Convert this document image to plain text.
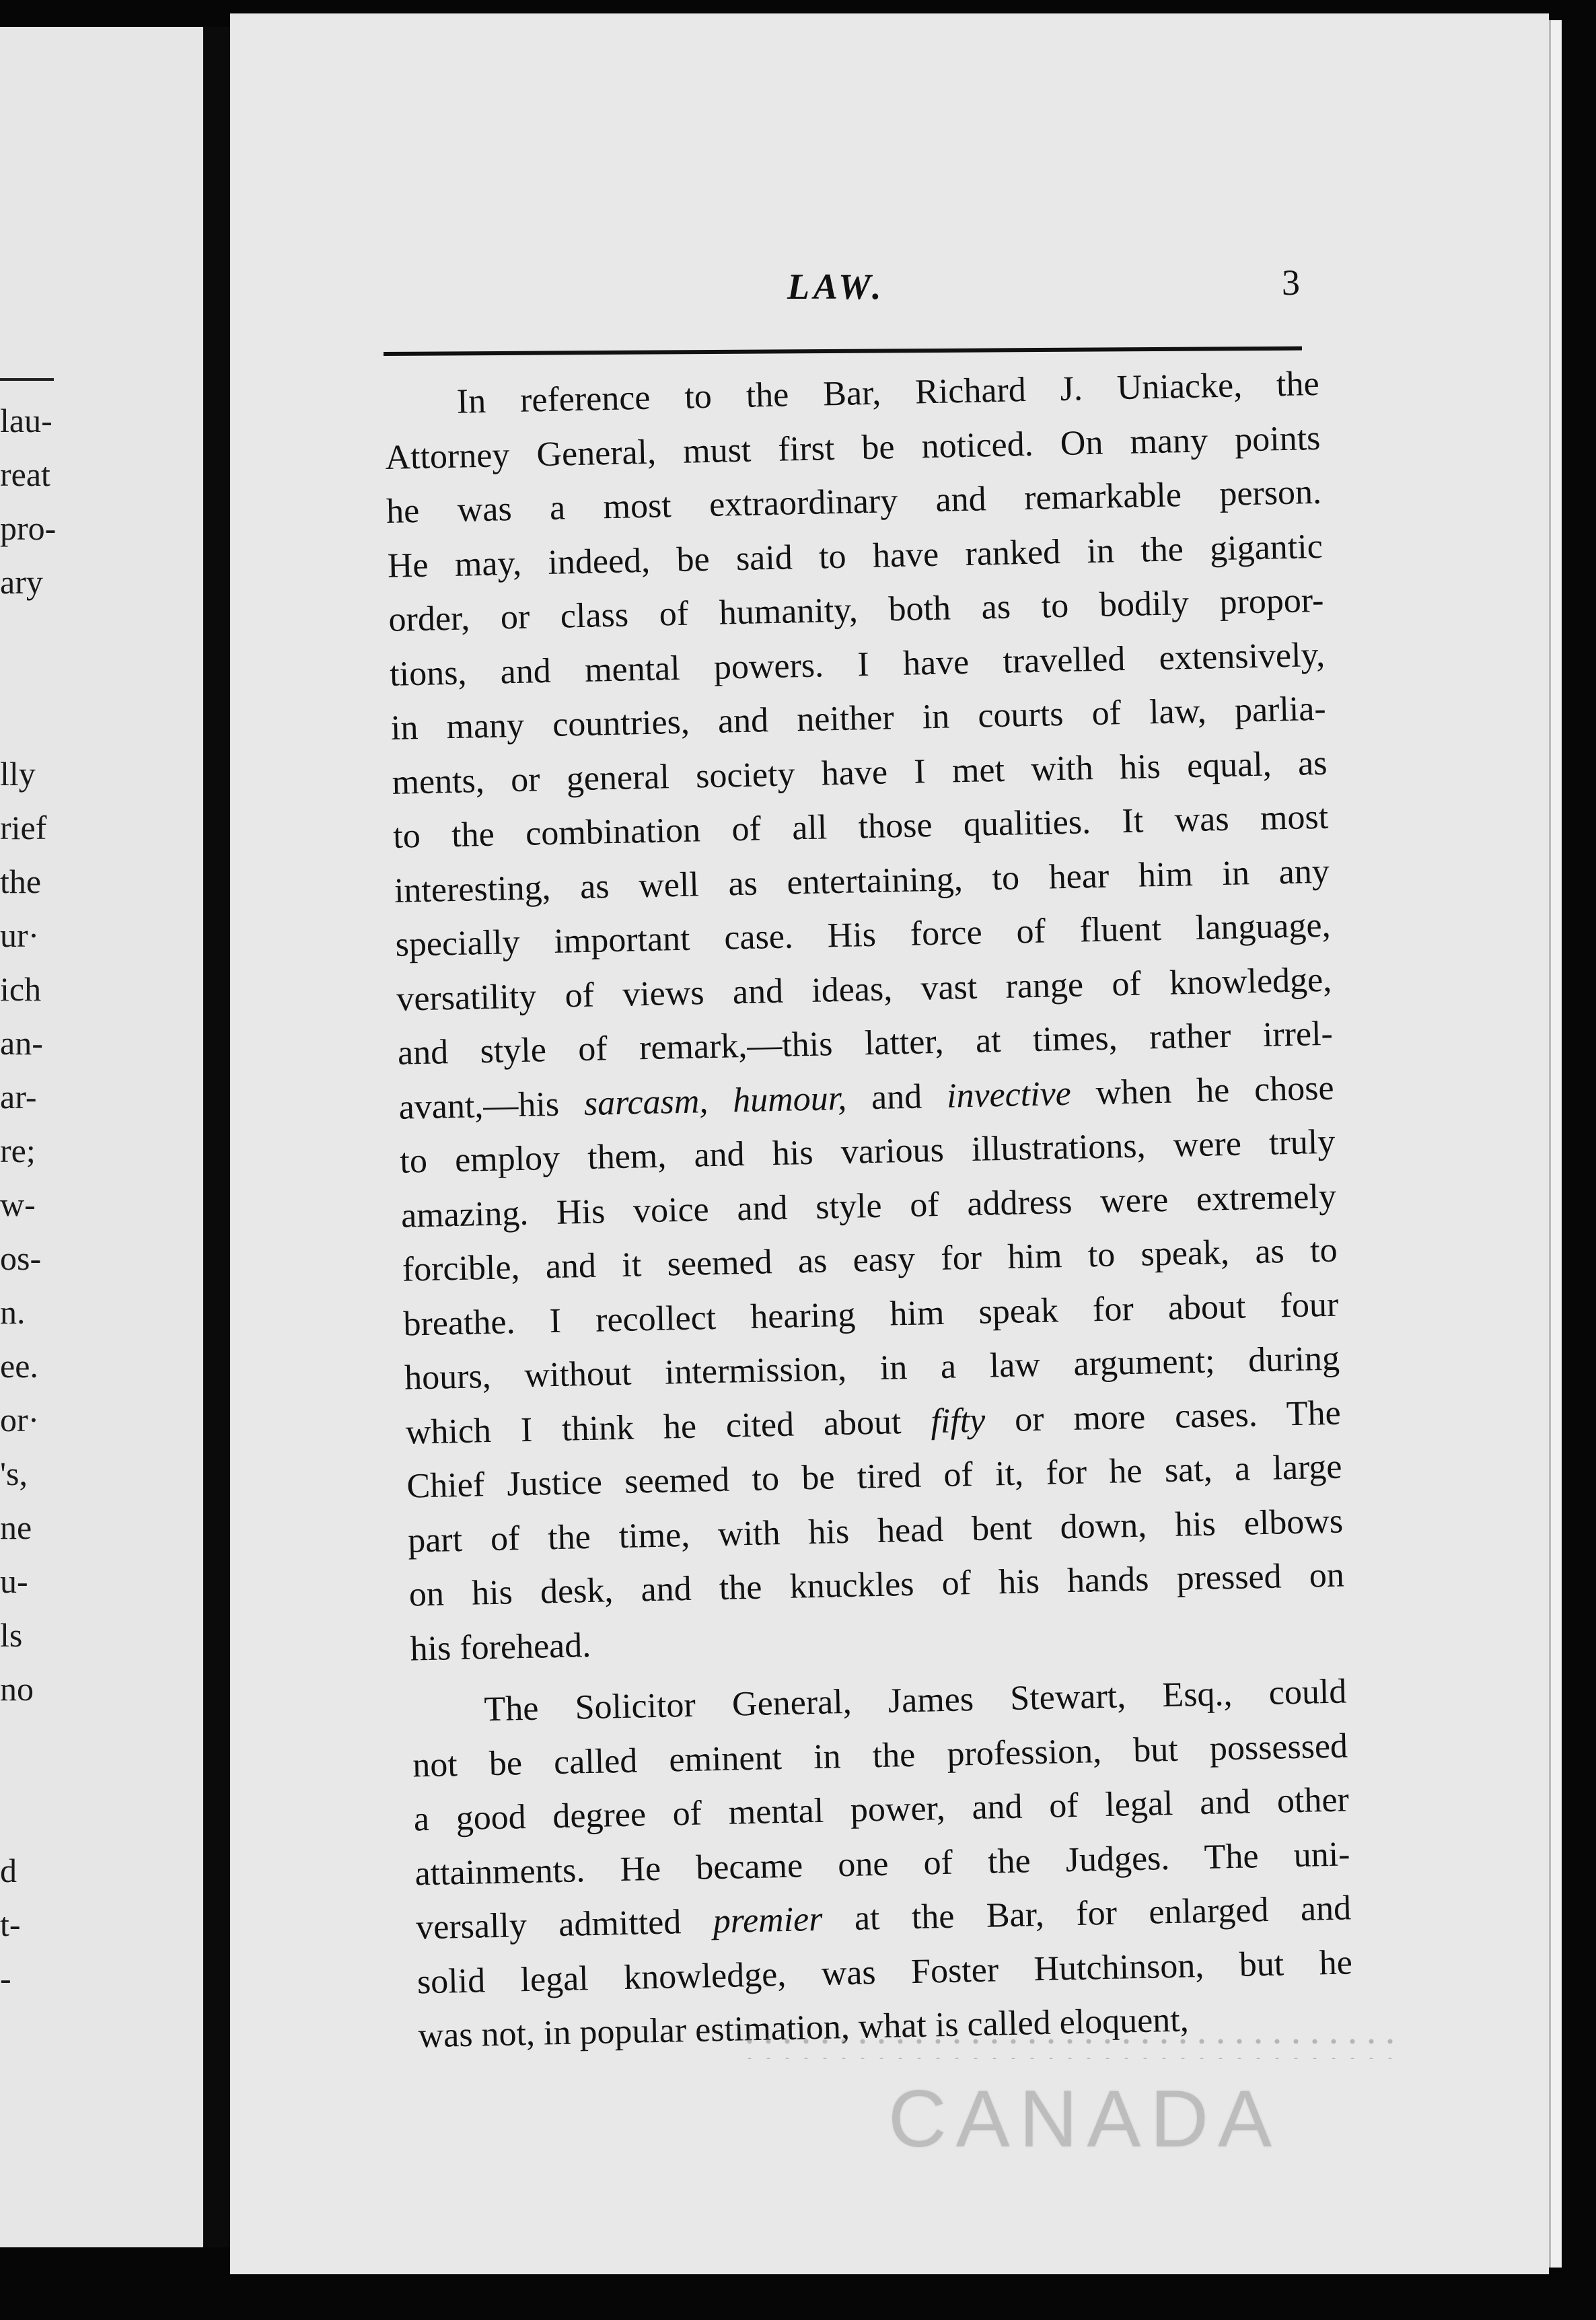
lau-
reat
pro-
ary
lly
rief
the
ur·
ich
an-
ar-
re;
w-
os-
n.
ee.
or·
's,
ne
u-
ls
no
d
t-
-
LAW.	3
In reference to the Bar, Richard J. Uniacke, the
Attorney General, must first be noticed. On many points
he was a most extraordinary and remarkable person.
He may, indeed, be said to have ranked in the gigantic
order, or class of humanity, both as to bodily propor-
tions, and mental powers. I have travelled extensively,
in many countries, and neither in courts of law, parlia-
ments, or general society have I met with his equal, as
to the combination of all those qualities. It was most
interesting, as well as entertaining, to hear him in any
specially important case. His force of fluent language,
versatility of views and ideas, vast range of knowledge,
and style of remark,—this latter, at times, rather irrel-
avant,—his sarcasm, humour, and invective when he chose
to employ them, and his various illustrations, were truly
amazing. His voice and style of address were extremely
forcible, and it seemed as easy for him to speak, as to
breathe. I recollect hearing him speak for about four
hours, without intermission, in a law argument; during
which I think he cited about fifty or more cases. The
Chief Justice seemed to be tired of it, for he sat, a large
part of the time, with his head bent down, his elbows
on his desk, and the knuckles of his hands pressed on
his forehead.
The Solicitor General, James Stewart, Esq., could
not be called eminent in the profession, but possessed
a good degree of mental power, and of legal and other
attainments. He became one of the Judges. The uni-
versally admitted premier at the Bar, for enlarged and
solid legal knowledge, was Foster Hutchinson, but he
was not, in popular estimation, what is called eloquent,
CANADA
